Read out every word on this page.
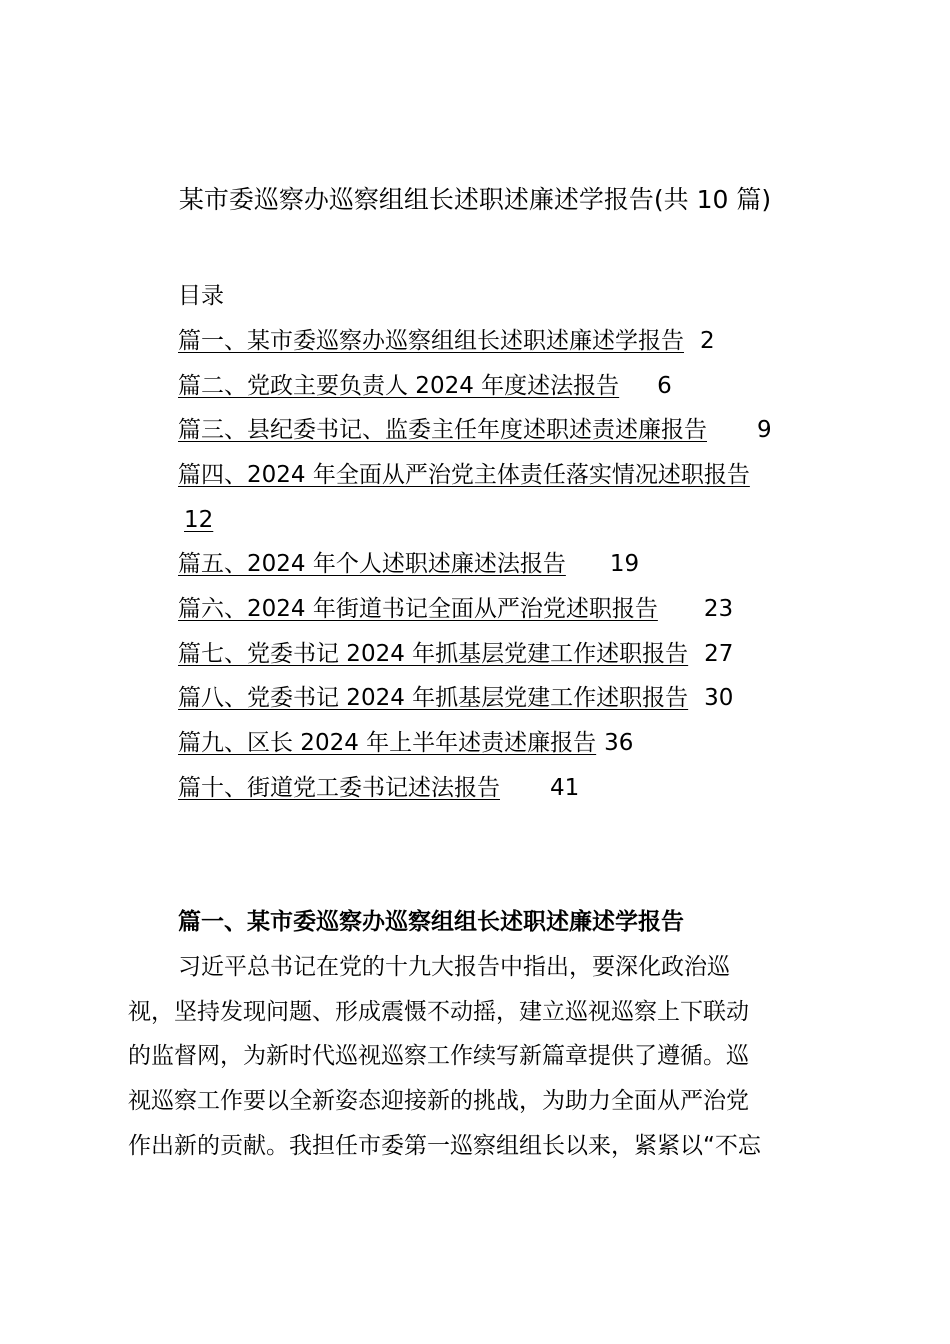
某市委巡察办巡察组组长述职述廉述学报告(共 10 篇)
目录
篇一、某市委巡察办巡察组组长述职述廉述学报告 2
篇二、党政主要负责人 2024 年度述法报告 6
篇三、县纪委书记、监委主任年度述职述责述廉报告 9
篇四、2024 年全面从严治党主体责任落实情况述职报告
12
篇五、2024 年个人述职述廉述法报告 19
篇六、2024 年街道书记全面从严治党述职报告 23
篇七、党委书记 2024 年抓基层党建工作述职报告 27
篇八、党委书记 2024 年抓基层党建工作述职报告 30
篇九、区长 2024 年上半年述责述廉报告 36
篇十、街道党工委书记述法报告 41
篇一、某市委巡察办巡察组组长述职述廉述学报告
习近平总书记在党的十九大报告中指出，要深化政治巡
视，坚持发现问题、形成震慑不动摇，建立巡视巡察上下联动
的监督网，为新时代巡视巡察工作续写新篇章提供了遵循。巡
视巡察工作要以全新姿态迎接新的挑战，为助力全面从严治党
作出新的贡献。我担任市委第一巡察组组长以来，紧紧以“不忘
